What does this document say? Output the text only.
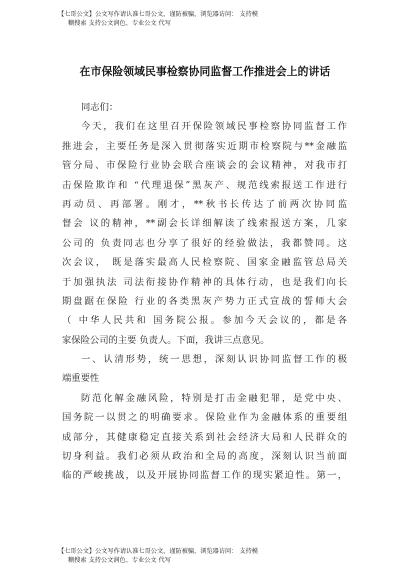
【七哥公文】公文写作请认准七哥公文，谨防被骗，浏览器访问： 支持模
糊搜索 支持公文润色、专业公文 代写
在市保险领域民事检察协同监督工作推进会上的讲话
同志们：
今天，我们在这里召开保险领域民事检察协同监督工作
推进会，主要任务是深入贯彻落实近期市检察院与**金融监
管分局、市保险行业协会联合座谈会的会议精神，对我市打
击保险欺诈和 “代理退保”黑灰产、规范线索报送工作进行
再动员、再部署。刚才，**秋书长传达了前两次协同监
督会 议的精神，**副会长详细解读了线索报送方案，几家
公司的 负责同志也分享了很好的经验做法，我都赞同。这
次会议， 既是落实最高人民检察院、国家金融监管总局关
于加强执法 司法衔接协作精神的具体行动，也是我们向长
期盘踞在保险 行业的各类黑灰产势力正式宣战的誓师大会
（ 中华人民共和 国务院公报。参加今天会议的，都是各
家保险公司的主要 负责人。下面，我讲三点意见。
一、认清形势，统一思想，深刻认识协同监督工作的极
端重要性
防范化解金融风险，特别是打击金融犯罪，是党中央、
国务院一以贯之的明确要求。保险业作为金融体系的重要组
成部分，其健康稳定直接关系到社会经济大局和人民群众的
切身利益。我们必须从政治和全局的高度，深刻认识当前面
临的严峻挑战，以及开展协同监督工作的现实紧迫性。第一，
【七哥公文】公文写作请认准七哥公文，谨防被骗，浏览器访问： 支持模
糊搜索 支持公文润色、专业公文 代写
